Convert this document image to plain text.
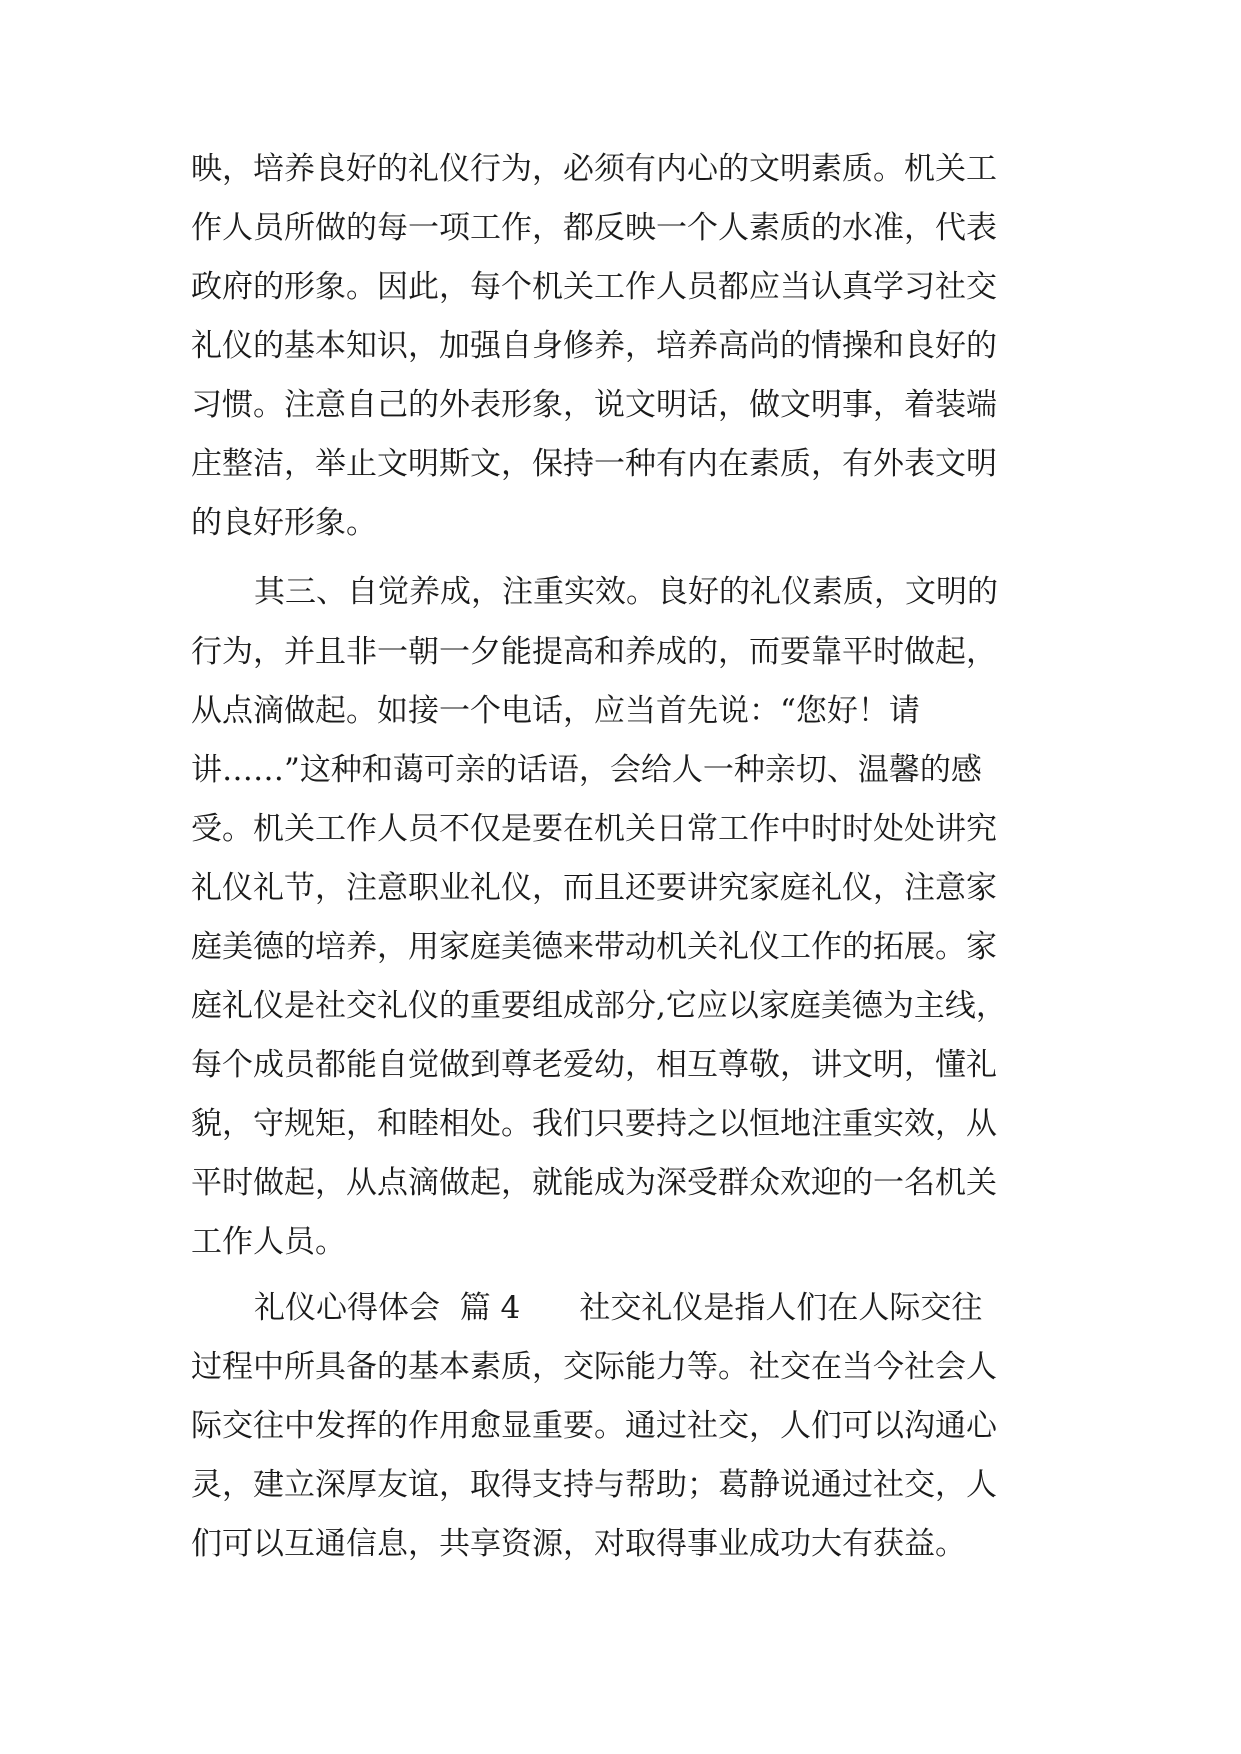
映，培养良好的礼仪行为，必须有内心的文明素质。机关工
作人员所做的每一项工作，都反映一个人素质的水准，代表
政府的形象。因此，每个机关工作人员都应当认真学习社交
礼仪的基本知识，加强自身修养，培养高尚的情操和良好的
习惯。注意自己的外表形象，说文明话，做文明事，着装端
庄整洁，举止文明斯文，保持一种有内在素质，有外表文明
的良好形象。
其三、自觉养成，注重实效。良好的礼仪素质，文明的
行为，并且非一朝一夕能提高和养成的，而要靠平时做起，
从点滴做起。如接一个电话，应当首先说：“您好！请
讲……”这种和蔼可亲的话语，会给人一种亲切、温馨的感
受。机关工作人员不仅是要在机关日常工作中时时处处讲究
礼仪礼节，注意职业礼仪，而且还要讲究家庭礼仪，注意家
庭美德的培养，用家庭美德来带动机关礼仪工作的拓展。家
庭礼仪是社交礼仪的重要组成部分,它应以家庭美德为主线，
每个成员都能自觉做到尊老爱幼，相互尊敬，讲文明，懂礼
貌，守规矩，和睦相处。我们只要持之以恒地注重实效，从
平时做起，从点滴做起，就能成为深受群众欢迎的一名机关
工作人员。
礼仪心得体会  篇 4      社交礼仪是指人们在人际交往
过程中所具备的基本素质，交际能力等。社交在当今社会人
际交往中发挥的作用愈显重要。通过社交，人们可以沟通心
灵，建立深厚友谊，取得支持与帮助；葛静说通过社交，人
们可以互通信息，共享资源，对取得事业成功大有获益。
